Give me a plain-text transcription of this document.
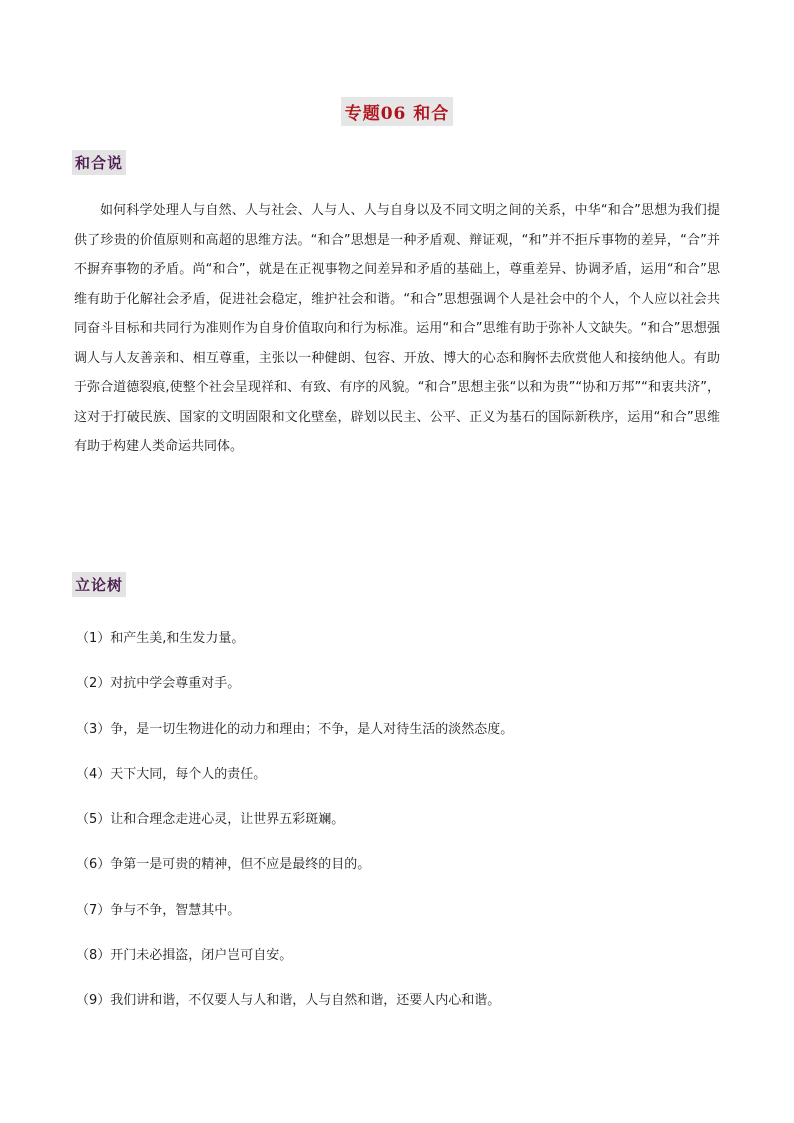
专题06 和合
和合说

如何科学处理人与自然、人与社会、人与人、人与自身以及不同文明之间的关系，中华“和合”思想为我们提供了珍贵的价值原则和高超的思维方法。“和合”思想是一种矛盾观、辩证观，“和”并不拒斥事物的差异，“合”并不摒弃事物的矛盾。尚“和合”，就是在正视事物之间差异和矛盾的基础上，尊重差异、协调矛盾，运用“和合”思维有助于化解社会矛盾，促进社会稳定，维护社会和谐。“和合”思想强调个人是社会中的个人，个人应以社会共同奋斗目标和共同行为准则作为自身价值取向和行为标准。运用“和合”思维有助于弥补人文缺失。“和合”思想强调人与人友善亲和、相互尊重，主张以一种健朗、包容、开放、博大的心态和胸怀去欣赏他人和接纳他人。有助于弥合道德裂痕,使整个社会呈现祥和、有致、有序的风貌。“和合”思想主张“以和为贵”“协和万邦”“和衷共济”，这对于打破民族、国家的文明固限和文化壁垒，辟划以民主、公平、正义为基石的国际新秩序，运用“和合”思维有助于构建人类命运共同体。

立论树
（1）和产生美,和生发力量。
（2）对抗中学会尊重对手。
（3）争，是一切生物进化的动力和理由；不争，是人对待生活的淡然态度。
（4）天下大同，每个人的责任。
（5）让和合理念走进心灵，让世界五彩斑斓。
（6）争第一是可贵的精神，但不应是最终的目的。
（7）争与不争，智慧其中。
（8）开门未必揖盗，闭户岂可自安。
（9）我们讲和谐，不仅要人与人和谐，人与自然和谐，还要人内心和谐。
